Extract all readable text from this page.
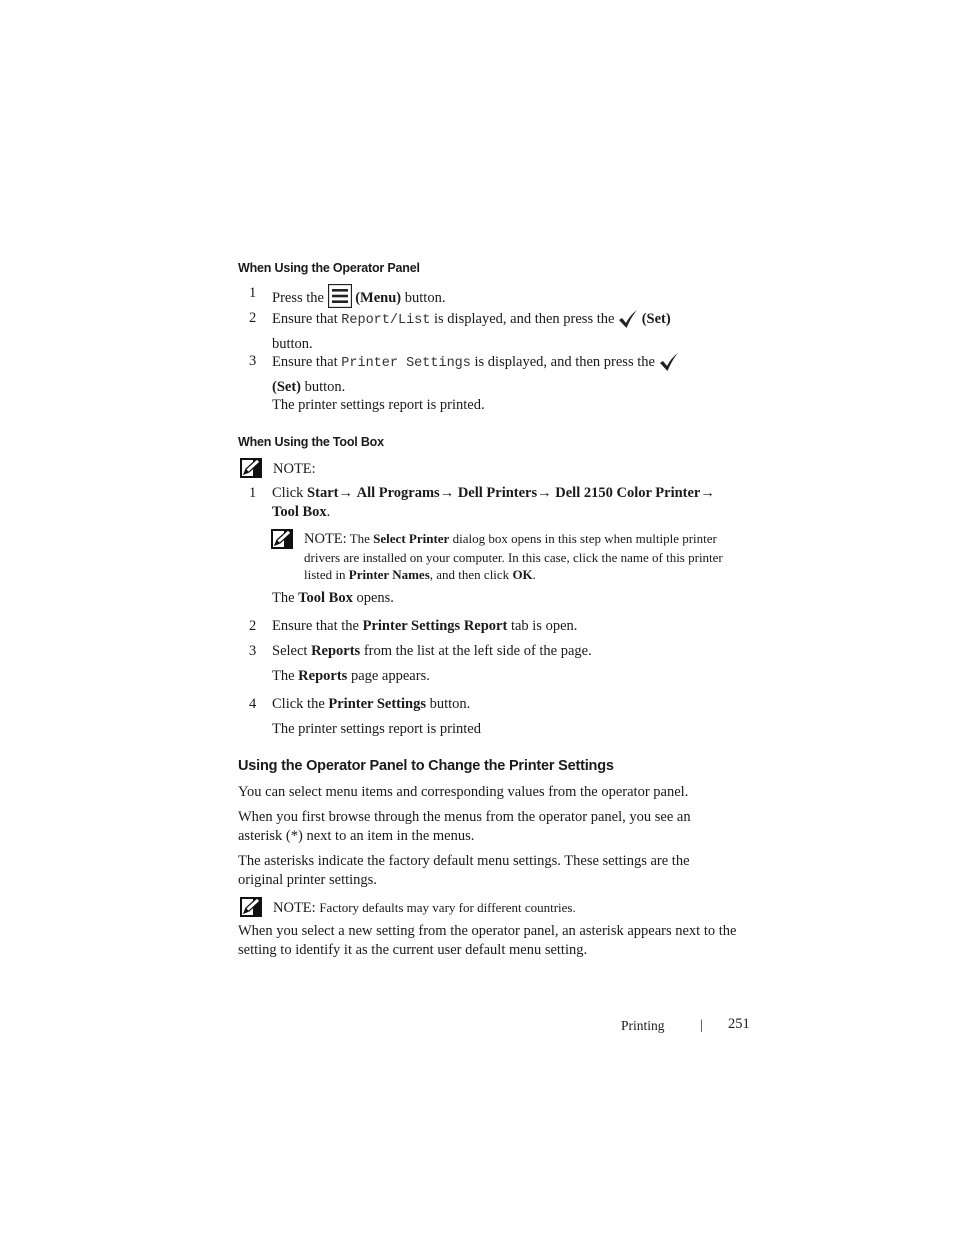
When Using the Operator Panel
1 Press the (Menu) button.
2 Ensure that Report/List is displayed, and then press the (Set)
button.
3 Ensure that Printer Settings is displayed, and then press the
(Set) button.
The printer settings report is printed.
When Using the Tool Box
NOTE:
1 Click Start→ All Programs→ Dell Printers→ Dell 2150 Color Printer→
Tool Box.
NOTE: The Select Printer dialog box opens in this step when multiple printer drivers are installed on your computer. In this case, click the name of this printer listed in Printer Names, and then click OK.
The Tool Box opens.
2 Ensure that the Printer Settings Report tab is open.
3 Select Reports from the list at the left side of the page.
The Reports page appears.
4 Click the Printer Settings button.
The printer settings report is printed
Using the Operator Panel to Change the Printer Settings
You can select menu items and corresponding values from the operator panel.
When you first browse through the menus from the operator panel, you see an asterisk (*) next to an item in the menus.
The asterisks indicate the factory default menu settings. These settings are the original printer settings.
NOTE: Factory defaults may vary for different countries.
When you select a new setting from the operator panel, an asterisk appears next to the setting to identify it as the current user default menu setting.
Printing	| 251
